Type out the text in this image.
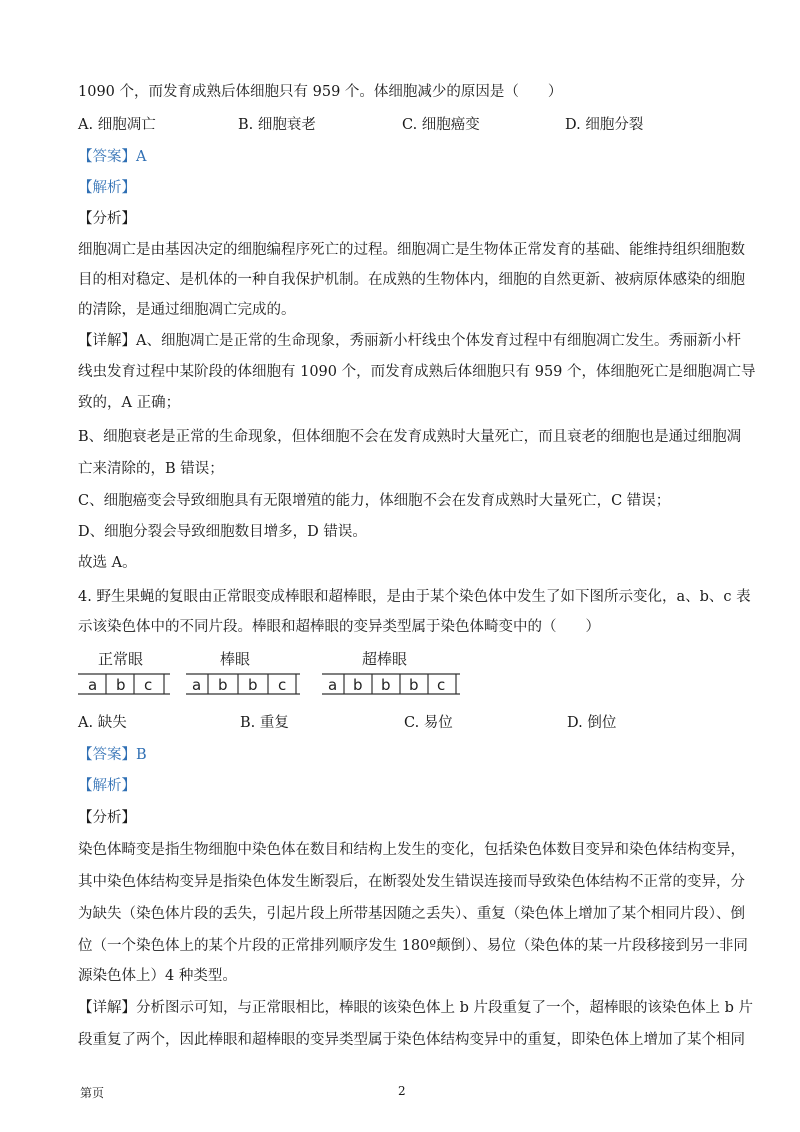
1090 个，而发育成熟后体细胞只有 959 个。体细胞减少的原因是（　　）
A. 细胞凋亡	B. 细胞衰老	C. 细胞癌变	D. 细胞分裂
【答案】A
【解析】
【分析】
细胞凋亡是由基因决定的细胞编程序死亡的过程。细胞凋亡是生物体正常发育的基础、能维持组织细胞数
目的相对稳定、是机体的一种自我保护机制。在成熟的生物体内，细胞的自然更新、被病原体感染的细胞
的清除，是通过细胞凋亡完成的。
【详解】A、细胞凋亡是正常的生命现象，秀丽新小杆线虫个体发育过程中有细胞凋亡发生。秀丽新小杆
线虫发育过程中某阶段的体细胞有 1090 个，而发育成熟后体细胞只有 959 个，体细胞死亡是细胞凋亡导
致的，A 正确；
B、细胞衰老是正常的生命现象，但体细胞不会在发育成熟时大量死亡，而且衰老的细胞也是通过细胞凋
亡来清除的，B 错误；
C、细胞癌变会导致细胞具有无限增殖的能力，体细胞不会在发育成熟时大量死亡，C 错误；
D、细胞分裂会导致细胞数目增多，D 错误。
故选 A。
4. 野生果蝇的复眼由正常眼变成棒眼和超棒眼，是由于某个染色体中发生了如下图所示变化，a、b、c 表
示该染色体中的不同片段。棒眼和超棒眼的变异类型属于染色体畸变中的（　　）
正常眼
a b c
棒眼
a b b c
超棒眼
a b b b c
A. 缺失	B. 重复	C. 易位	D. 倒位
【答案】B
【解析】
【分析】
染色体畸变是指生物细胞中染色体在数目和结构上发生的变化，包括染色体数目变异和染色体结构变异，
其中染色体结构变异是指染色体发生断裂后，在断裂处发生错误连接而导致染色体结构不正常的变异，分
为缺失（染色体片段的丢失，引起片段上所带基因随之丢失）、重复（染色体上增加了某个相同片段）、倒
位（一个染色体上的某个片段的正常排列顺序发生 180º颠倒）、易位（染色体的某一片段移接到另一非同
源染色体上）4 种类型。
【详解】分析图示可知，与正常眼相比，棒眼的该染色体上 b 片段重复了一个，超棒眼的该染色体上 b 片
段重复了两个，因此棒眼和超棒眼的变异类型属于染色体结构变异中的重复，即染色体上增加了某个相同
第页	2
